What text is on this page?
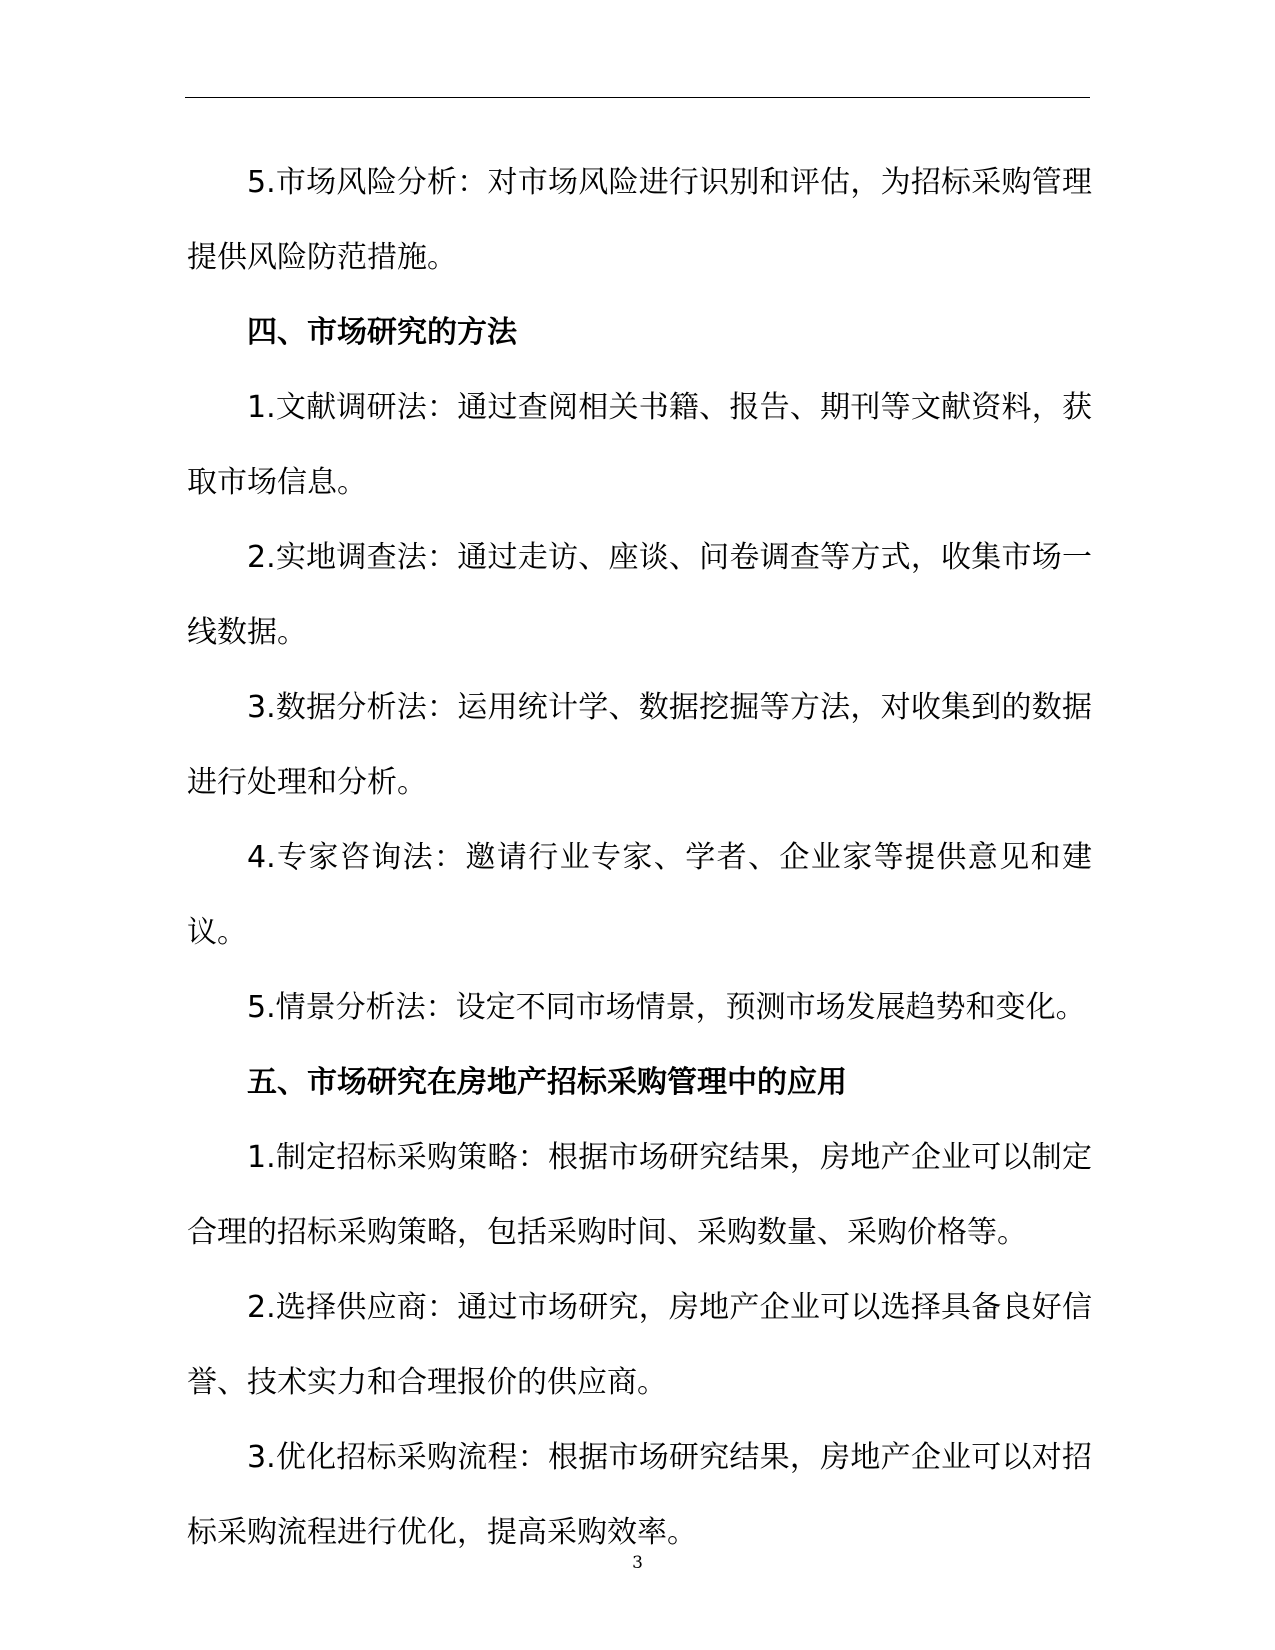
5.市场风险分析：对市场风险进行识别和评估，为招标采购管理提供风险防范措施。

四、市场研究的方法

1.文献调研法：通过查阅相关书籍、报告、期刊等文献资料，获取市场信息。

2.实地调查法：通过走访、座谈、问卷调查等方式，收集市场一线数据。

3.数据分析法：运用统计学、数据挖掘等方法，对收集到的数据进行处理和分析。

4.专家咨询法：邀请行业专家、学者、企业家等提供意见和建议。

5.情景分析法：设定不同市场情景，预测市场发展趋势和变化。

五、市场研究在房地产招标采购管理中的应用

1.制定招标采购策略：根据市场研究结果，房地产企业可以制定合理的招标采购策略，包括采购时间、采购数量、采购价格等。

2.选择供应商：通过市场研究，房地产企业可以选择具备良好信誉、技术实力和合理报价的供应商。

3.优化招标采购流程：根据市场研究结果，房地产企业可以对招标采购流程进行优化，提高采购效率。

3
